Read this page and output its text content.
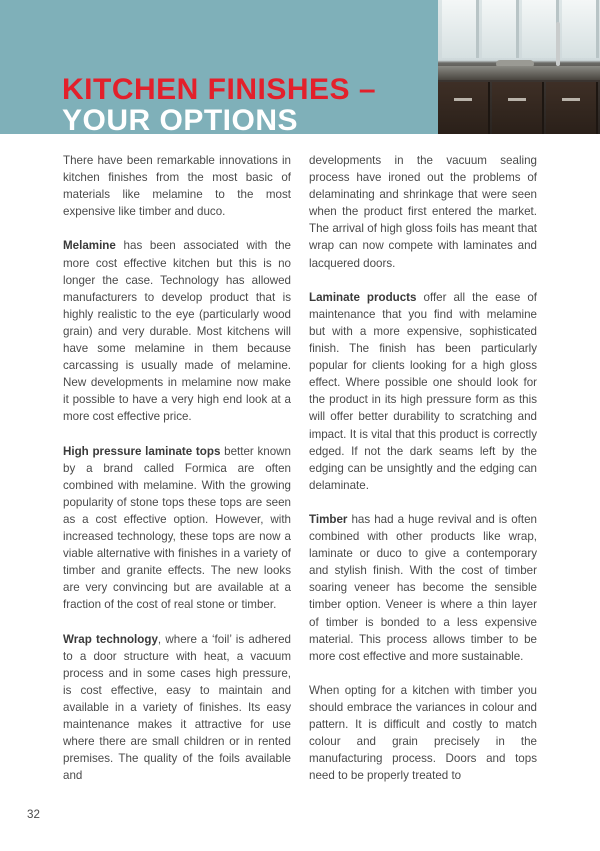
KITCHEN FINISHES –
YOUR OPTIONS

There have been remarkable innovations in kitchen finishes from the most basic of materials like melamine to the most expensive like timber and duco.

Melamine has been associated with the more cost effective kitchen but this is no longer the case. Technology has allowed manufacturers to develop product that is highly realistic to the eye (particularly wood grain) and very durable. Most kitchens will have some melamine in them because carcassing is usually made of melamine. New developments in melamine now make it possible to have a very high end look at a more cost effective price.

High pressure laminate tops better known by a brand called Formica are often combined with melamine. With the growing popularity of stone tops these tops are seen as a cost effective option. However, with increased technology, these tops are now a viable alternative with finishes in a variety of timber and granite effects. The new looks are very convincing but are available at a fraction of the cost of real stone or timber.

Wrap technology, where a ‘foil’ is adhered to a door structure with heat, a vacuum process and in some cases high pressure, is cost effective, easy to maintain and available in a variety of finishes. Its easy maintenance makes it attractive for use where there are small children or in rented premises. The quality of the foils available and

developments in the vacuum sealing process have ironed out the problems of delaminating and shrinkage that were seen when the product first entered the market. The arrival of high gloss foils has meant that wrap can now compete with laminates and lacquered doors.

Laminate products offer all the ease of maintenance that you find with melamine but with a more expensive, sophisticated finish. The finish has been particularly popular for clients looking for a high gloss effect. Where possible one should look for the product in its high pressure form as this will offer better durability to scratching and impact. It is vital that this product is correctly edged. If not the dark seams left by the edging can be unsightly and the edging can delaminate.

Timber has had a huge revival and is often combined with other products like wrap, laminate or duco to give a contemporary and stylish finish. With the cost of timber soaring veneer has become the sensible timber option. Veneer is where a thin layer of timber is bonded to a less expensive material. This process allows timber to be more cost effective and more sustainable.

When opting for a kitchen with timber you should embrace the variances in colour and pattern. It is difficult and costly to match colour and grain precisely in the manufacturing process. Doors and tops need to be properly treated to

32
